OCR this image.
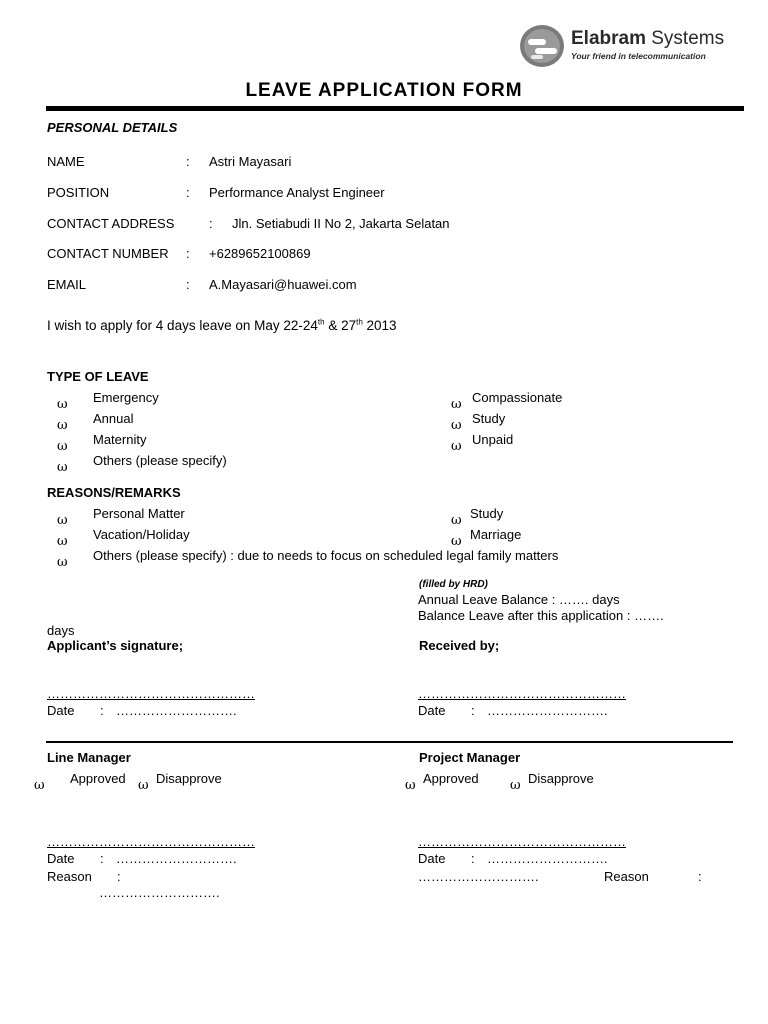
Elabram Systems
Your friend in telecommunication
LEAVE APPLICATION FORM
PERSONAL DETAILS
NAME	: Astri Mayasari
POSITION	: Performance Analyst Engineer
CONTACT ADDRESS	: Jln. Setiabudi II No 2, Jakarta Selatan
CONTACT NUMBER : +6289652100869
EMAIL	: A.Mayasari@huawei.com
I wish to apply for 4 days leave on May 22-24th & 27th 2013
TYPE OF LEAVE
ω Emergency
ω Annual
ω Maternity
ω Others (please specify)
ω Compassionate
ω Study
ω Unpaid
REASONS/REMARKS
ω Personal Matter
ω Vacation/Holiday
ω Others (please specify) : due to needs to focus on scheduled legal family matters
ω Study
ω Marriage
(filled by HRD)
Annual Leave Balance : ……. days
Balance Leave after this application : …….
days
Applicant’s signature;	Received by;
…………………………………………	…………………………………………
Date : ……………………….	Date : ……………………….
Line Manager
ω Approved ω Disapprove
…………………………………………
Date : ……………………….
Reason :
……………………….
Project Manager
ω Approved ω Disapprove
…………………………………………
Date : ……………………….
……………………….	Reason	:
